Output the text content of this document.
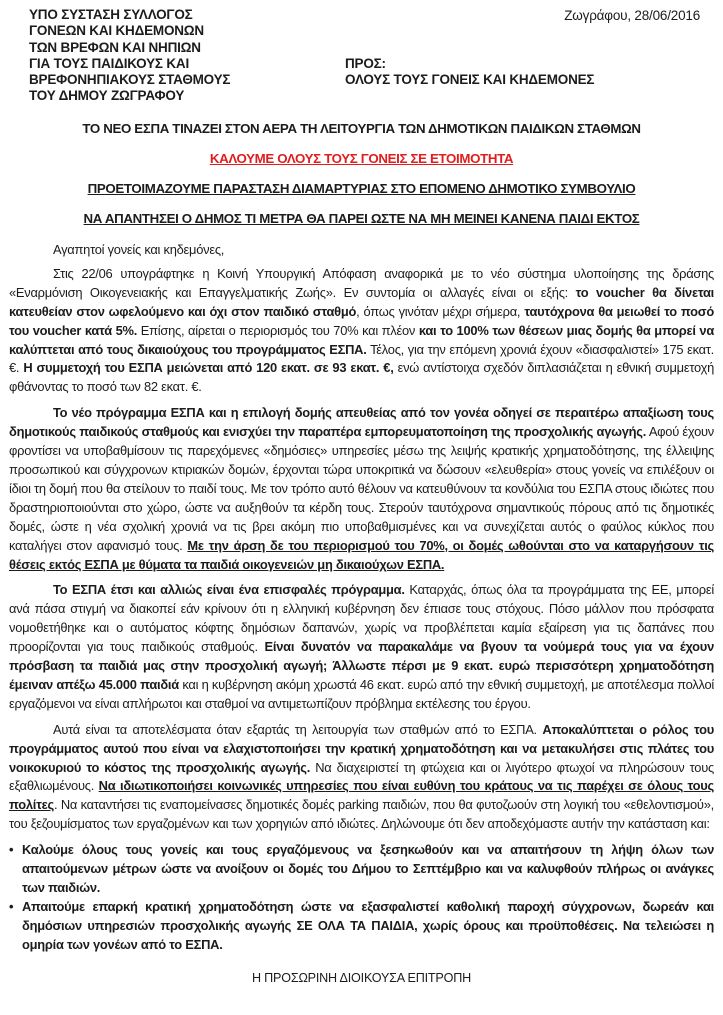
ΥΠΟ ΣΥΣΤΑΣΗ ΣΥΛΛΟΓΟΣ
ΓΟΝΕΩΝ ΚΑΙ ΚΗΔΕΜΟΝΩΝ
ΤΩΝ ΒΡΕΦΩΝ ΚΑΙ ΝΗΠΙΩΝ
ΓΙΑ ΤΟΥΣ ΠΑΙΔΙΚΟΥΣ ΚΑΙ
ΒΡΕΦΟΝΗΠΙΑΚΟΥΣ ΣΤΑΘΜΟΥΣ
ΤΟΥ ΔΗΜΟΥ ΖΩΓΡΑΦΟΥ
Ζωγράφου, 28/06/2016
ΠΡΟΣ:
ΟΛΟΥΣ ΤΟΥΣ ΓΟΝΕΙΣ ΚΑΙ ΚΗΔΕΜΟΝΕΣ
ΤΟ ΝΕΟ ΕΣΠΑ ΤΙΝΑΖΕΙ ΣΤΟΝ ΑΕΡΑ ΤΗ ΛΕΙΤΟΥΡΓΙΑ ΤΩΝ ΔΗΜΟΤΙΚΩΝ ΠΑΙΔΙΚΩΝ ΣΤΑΘΜΩΝ
ΚΑΛΟΥΜΕ ΟΛΟΥΣ ΤΟΥΣ ΓΟΝΕΙΣ ΣΕ ΕΤΟΙΜΟΤΗΤΑ
ΠΡΟΕΤΟΙΜΑΖΟΥΜΕ ΠΑΡΑΣΤΑΣΗ ΔΙΑΜΑΡΤΥΡΙΑΣ ΣΤΟ ΕΠΟΜΕΝΟ ΔΗΜΟΤΙΚΟ ΣΥΜΒΟΥΛΙΟ
ΝΑ ΑΠΑΝΤΗΣΕΙ Ο ΔΗΜΟΣ ΤΙ ΜΕΤΡΑ ΘΑ ΠΑΡΕΙ ΩΣΤΕ ΝΑ ΜΗ ΜΕΙΝΕΙ ΚΑΝΕΝΑ ΠΑΙΔΙ ΕΚΤΟΣ

Αγαπητοί γονείς και κηδεμόνες,

Στις 22/06 υπογράφτηκε η Κοινή Υπουργική Απόφαση αναφορικά με το νέο σύστημα υλοποίησης της δράσης «Εναρμόνιση Οικογενειακής και Επαγγελματικής Ζωής». Εν συντομία οι αλλαγές είναι οι εξής: το voucher θα δίνεται κατευθείαν στον ωφελούμενο και όχι στον παιδικό σταθμό, όπως γινόταν μέχρι σήμερα, ταυτόχρονα θα μειωθεί το ποσό του voucher κατά 5%. Επίσης, αίρεται ο περιορισμός του 70% και πλέον και το 100% των θέσεων μιας δομής θα μπορεί να καλύπτεται από τους δικαιούχους του προγράμματος ΕΣΠΑ. Τέλος, για την επόμενη χρονιά έχουν «διασφαλιστεί» 175 εκατ. €. Η συμμετοχή του ΕΣΠΑ μειώνεται από 120 εκατ. σε 93 εκατ. €, ενώ αντίστοιχα σχεδόν διπλασιάζεται η εθνική συμμετοχή φθάνοντας το ποσό των 82 εκατ. €.

Το νέο πρόγραμμα ΕΣΠΑ και η επιλογή δομής απευθείας από τον γονέα οδηγεί σε περαιτέρω απαξίωση τους δημοτικούς παιδικούς σταθμούς και ενισχύει την παραπέρα εμπορευματοποίηση της προσχολικής αγωγής. Αφού έχουν φροντίσει να υποβαθμίσουν τις παρεχόμενες «δημόσιες» υπηρεσίες μέσω της λειψής κρατικής χρηματοδότησης, της έλλειψης προσωπικού και σύγχρονων κτιριακών δομών, έρχονται τώρα υποκριτικά να δώσουν «ελευθερία» στους γονείς να επιλέξουν οι ίδιοι τη δομή που θα στείλουν το παιδί τους. Με τον τρόπο αυτό θέλουν να κατευθύνουν τα κονδύλια του ΕΣΠΑ στους ιδιώτες που δραστηριοποιούνται στο χώρο, ώστε να αυξηθούν τα κέρδη τους. Στερούν ταυτόχρονα σημαντικούς πόρους από τις δημοτικές δομές, ώστε η νέα σχολική χρονιά να τις βρει ακόμη πιο υποβαθμισμένες και να συνεχίζεται αυτός ο φαύλος κύκλος που καταλήγει στον αφανισμό τους. Με την άρση δε του περιορισμού του 70%, οι δομές ωθούνται στο να καταργήσουν τις θέσεις εκτός ΕΣΠΑ με θύματα τα παιδιά οικογενειών μη δικαιούχων ΕΣΠΑ.

Το ΕΣΠΑ έτσι και αλλιώς είναι ένα επισφαλές πρόγραμμα. Καταρχάς, όπως όλα τα προγράμματα της ΕΕ, μπορεί ανά πάσα στιγμή να διακοπεί εάν κρίνουν ότι η ελληνική κυβέρνηση δεν έπιασε τους στόχους. Πόσο μάλλον που πρόσφατα νομοθετήθηκε και ο αυτόματος κόφτης δημόσιων δαπανών, χωρίς να προβλέπεται καμία εξαίρεση για τις δαπάνες που προορίζονται για τους παιδικούς σταθμούς. Είναι δυνατόν να παρακαλάμε να βγουν τα νούμερά τους για να έχουν πρόσβαση τα παιδιά μας στην προσχολική αγωγή; Άλλωστε πέρσι με 9 εκατ. ευρώ περισσότερη χρηματοδότηση έμειναν απέξω 45.000 παιδιά και η κυβέρνηση ακόμη χρωστά 46 εκατ. ευρώ από την εθνική συμμετοχή, με αποτέλεσμα πολλοί εργαζόμενοι να είναι απλήρωτοι και σταθμοί να αντιμετωπίζουν πρόβλημα εκτέλεσης του έργου.

Αυτά είναι τα αποτελέσματα όταν εξαρτάς τη λειτουργία των σταθμών από το ΕΣΠΑ. Αποκαλύπτεται ο ρόλος του προγράμματος αυτού που είναι να ελαχιστοποιήσει την κρατική χρηματοδότηση και να μετακυλήσει στις πλάτες του νοικοκυριού το κόστος της προσχολικής αγωγής. Να διαχειριστεί τη φτώχεια και οι λιγότερο φτωχοί να πληρώσουν τους εξαθλιωμένους. Να ιδιωτικοποιήσει κοινωνικές υπηρεσίες που είναι ευθύνη του κράτους να τις παρέχει σε όλους τους πολίτες. Να καταντήσει τις εναπομείνασες δημοτικές δομές parking παιδιών, που θα φυτοζωούν στη λογική του «εθελοντισμού», του ξεζουμίσματος των εργαζομένων και των χορηγιών από ιδιώτες. Δηλώνουμε ότι δεν αποδεχόμαστε αυτήν την κατάσταση και:

• Καλούμε όλους τους γονείς και τους εργαζόμενους να ξεσηκωθούν και να απαιτήσουν τη λήψη όλων των απαιτούμενων μέτρων ώστε να ανοίξουν οι δομές του Δήμου το Σεπτέμβριο και να καλυφθούν πλήρως οι ανάγκες των παιδιών.
• Απαιτούμε επαρκή κρατική χρηματοδότηση ώστε να εξασφαλιστεί καθολική παροχή σύγχρονων, δωρεάν και δημόσιων υπηρεσιών προσχολικής αγωγής ΣΕ ΟΛΑ ΤΑ ΠΑΙΔΙΑ, χωρίς όρους και προϋποθέσεις. Να τελειώσει η ομηρία των γονέων από το ΕΣΠΑ.
Η ΠΡΟΣΩΡΙΝΗ ΔΙΟΙΚΟΥΣΑ ΕΠΙΤΡΟΠΗ
